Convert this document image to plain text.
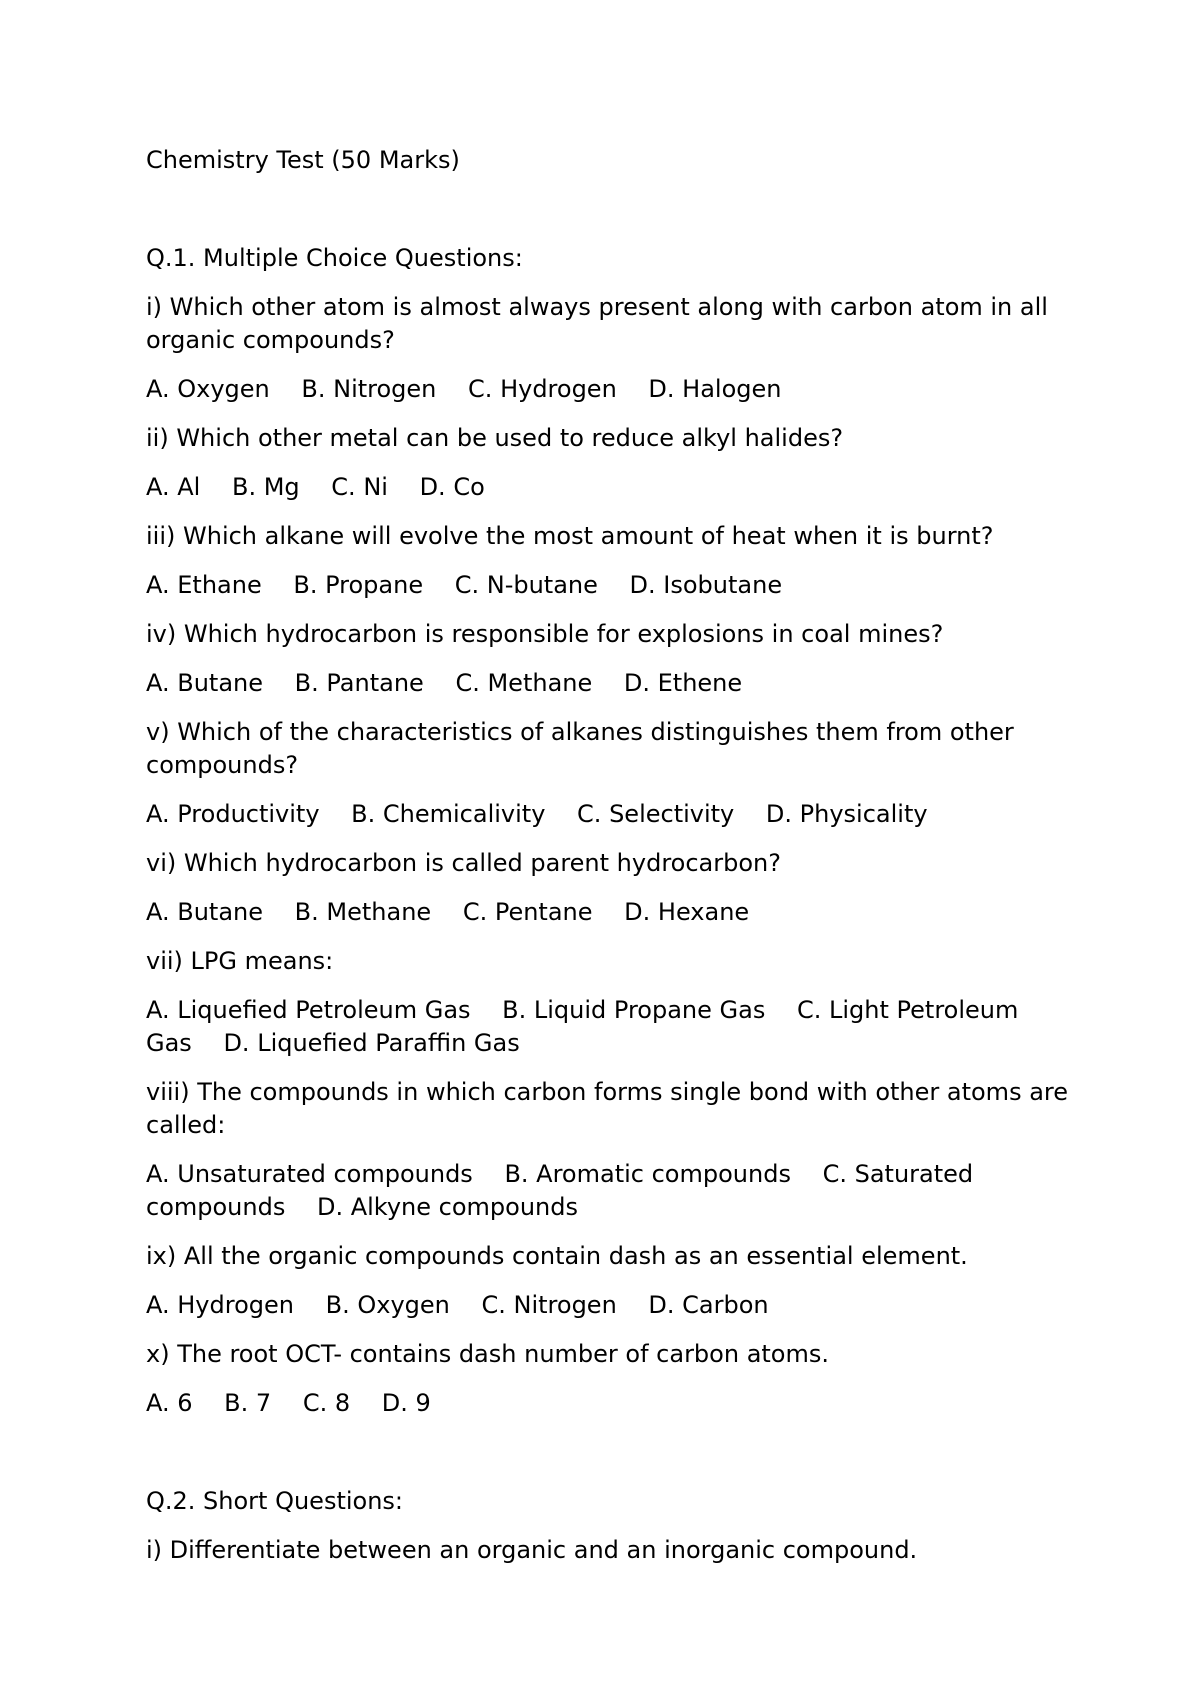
Chemistry Test (50 Marks)
Q.1. Multiple Choice Questions:
i) Which other atom is almost always present along with carbon atom in all organic compounds?
A. Oxygen B. Nitrogen C. Hydrogen D. Halogen
ii) Which other metal can be used to reduce alkyl halides?
A. Al B. Mg C. Ni D. Co
iii) Which alkane will evolve the most amount of heat when it is burnt?
A. Ethane B. Propane C. N-butane D. Isobutane
iv) Which hydrocarbon is responsible for explosions in coal mines?
A. Butane B. Pantane C. Methane D. Ethene
v) Which of the characteristics of alkanes distinguishes them from other compounds?
A. Productivity B. Chemicalivity C. Selectivity D. Physicality
vi) Which hydrocarbon is called parent hydrocarbon?
A. Butane B. Methane C. Pentane D. Hexane
vii) LPG means:
A. Liquefied Petroleum Gas B. Liquid Propane Gas C. Light Petroleum Gas D. Liquefied Paraffin Gas
viii) The compounds in which carbon forms single bond with other atoms are called:
A. Unsaturated compounds B. Aromatic compounds C. Saturated compounds D. Alkyne compounds
ix) All the organic compounds contain dash as an essential element.
A. Hydrogen B. Oxygen C. Nitrogen D. Carbon
x) The root OCT- contains dash number of carbon atoms.
A. 6 B. 7 C. 8 D. 9
Q.2. Short Questions:
i) Differentiate between an organic and an inorganic compound.
